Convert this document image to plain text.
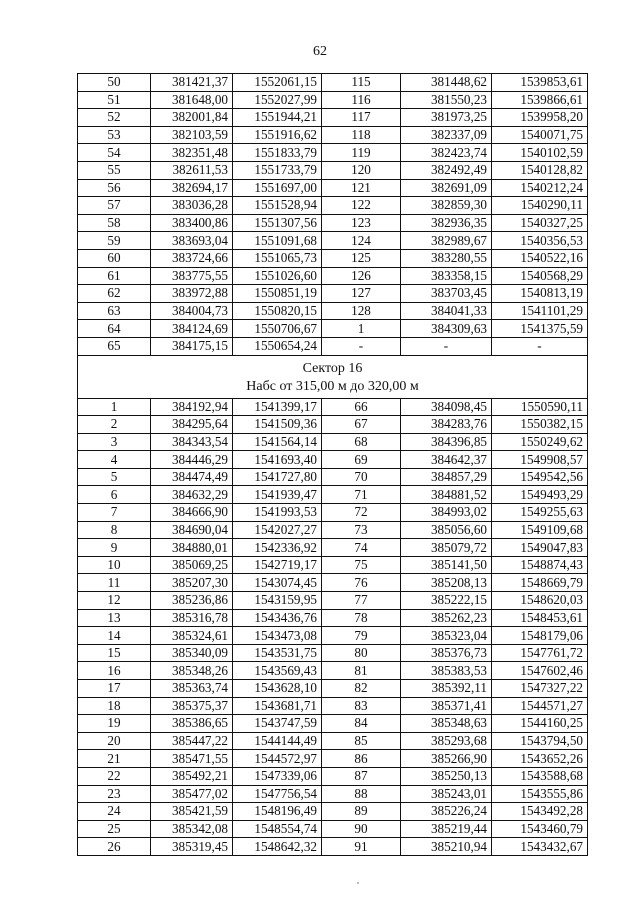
62
50	381421,37	1552061,15	115	381448,62	1539853,61
51	381648,00	1552027,99	116	381550,23	1539866,61
52	382001,84	1551944,21	117	381973,25	1539958,20
53	382103,59	1551916,62	118	382337,09	1540071,75
54	382351,48	1551833,79	119	382423,74	1540102,59
55	382611,53	1551733,79	120	382492,49	1540128,82
56	382694,17	1551697,00	121	382691,09	1540212,24
57	383036,28	1551528,94	122	382859,30	1540290,11
58	383400,86	1551307,56	123	382936,35	1540327,25
59	383693,04	1551091,68	124	382989,67	1540356,53
60	383724,66	1551065,73	125	383280,55	1540522,16
61	383775,55	1551026,60	126	383358,15	1540568,29
62	383972,88	1550851,19	127	383703,45	1540813,19
63	384004,73	1550820,15	128	384041,33	1541101,29
64	384124,69	1550706,67	1	384309,63	1541375,59
65	384175,15	1550654,24	-	-	-

Сектор 16
Набс от 315,00 м до 320,00 м					

1	384192,94	1541399,17	66	384098,45	1550590,11
2	384295,64	1541509,36	67	384283,76	1550382,15
3	384343,54	1541564,14	68	384396,85	1550249,62
4	384446,29	1541693,40	69	384642,37	1549908,57
5	384474,49	1541727,80	70	384857,29	1549542,56
6	384632,29	1541939,47	71	384881,52	1549493,29
7	384666,90	1541993,53	72	384993,02	1549255,63
8	384690,04	1542027,27	73	385056,60	1549109,68
9	384880,01	1542336,92	74	385079,72	1549047,83
10	385069,25	1542719,17	75	385141,50	1548874,43
11	385207,30	1543074,45	76	385208,13	1548669,79
12	385236,86	1543159,95	77	385222,15	1548620,03
13	385316,78	1543436,76	78	385262,23	1548453,61
14	385324,61	1543473,08	79	385323,04	1548179,06
15	385340,09	1543531,75	80	385376,73	1547761,72
16	385348,26	1543569,43	81	385383,53	1547602,46
17	385363,74	1543628,10	82	385392,11	1547327,22
18	385375,37	1543681,71	83	385371,41	1544571,27
19	385386,65	1543747,59	84	385348,63	1544160,25
20	385447,22	1544144,49	85	385293,68	1543794,50
21	385471,55	1544572,97	86	385266,90	1543652,26
22	385492,21	1547339,06	87	385250,13	1543588,68
23	385477,02	1547756,54	88	385243,01	1543555,86
24	385421,59	1548196,49	89	385226,24	1543492,28
25	385342,08	1548554,74	90	385219,44	1543460,79
26	385319,45	1548642,32	91	385210,94	1543432,67
